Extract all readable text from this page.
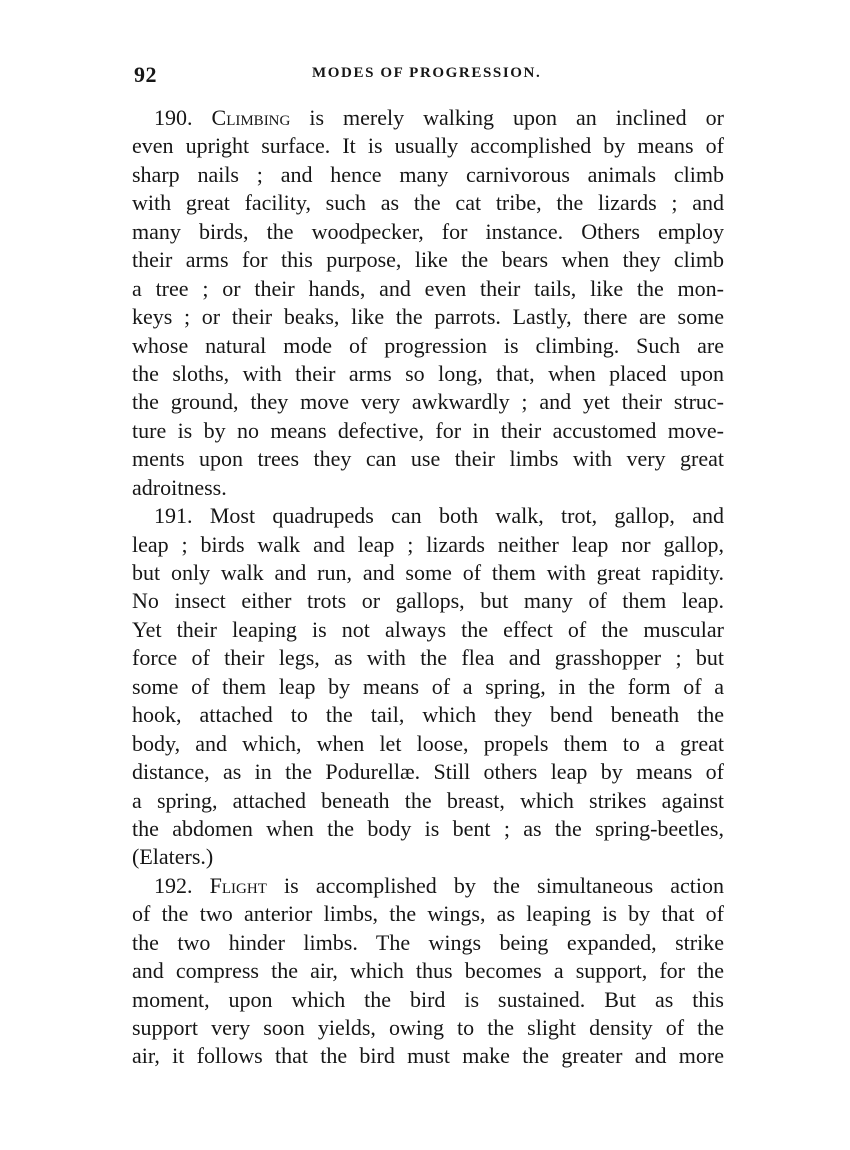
92	MODES OF PROGRESSION.
190. Climbing is merely walking upon an inclined or
even upright surface. It is usually accomplished by means of
sharp nails ; and hence many carnivorous animals climb
with great facility, such as the cat tribe, the lizards ; and
many birds, the woodpecker, for instance. Others employ
their arms for this purpose, like the bears when they climb
a tree ; or their hands, and even their tails, like the mon-
keys ; or their beaks, like the parrots. Lastly, there are some
whose natural mode of progression is climbing. Such are
the sloths, with their arms so long, that, when placed upon
the ground, they move very awkwardly ; and yet their struc-
ture is by no means defective, for in their accustomed move-
ments upon trees they can use their limbs with very great
adroitness.
191. Most quadrupeds can both walk, trot, gallop, and
leap ; birds walk and leap ; lizards neither leap nor gallop,
but only walk and run, and some of them with great rapidity.
No insect either trots or gallops, but many of them leap.
Yet their leaping is not always the effect of the muscular
force of their legs, as with the flea and grasshopper ; but
some of them leap by means of a spring, in the form of a
hook, attached to the tail, which they bend beneath the
body, and which, when let loose, propels them to a great
distance, as in the Podurellæ. Still others leap by means of
a spring, attached beneath the breast, which strikes against
the abdomen when the body is bent ; as the spring-beetles,
(Elaters.)
192. Flight is accomplished by the simultaneous action
of the two anterior limbs, the wings, as leaping is by that of
the two hinder limbs. The wings being expanded, strike
and compress the air, which thus becomes a support, for the
moment, upon which the bird is sustained. But as this
support very soon yields, owing to the slight density of the
air, it follows that the bird must make the greater and more
